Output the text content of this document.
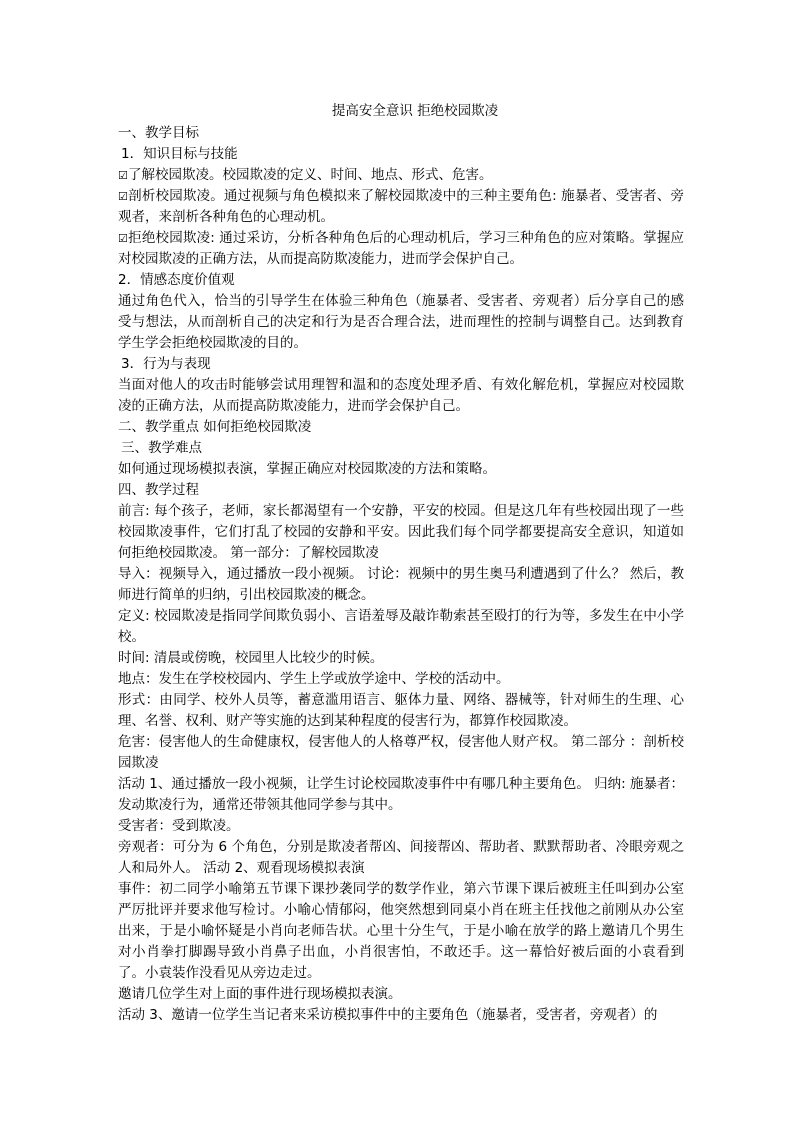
提高安全意识 拒绝校园欺凌

一、教学目标

1．知识目标与技能

☑了解校园欺凌。校园欺凌的定义、时间、地点、形式、危害。

☑剖析校园欺凌。通过视频与角色模拟来了解校园欺凌中的三种主要角色: 施暴者、受害者、旁观者，来剖析各种角色的心理动机。

☑拒绝校园欺凌: 通过采访，分析各种角色后的心理动机后，学习三种角色的应对策略。掌握应对校园欺凌的正确方法，从而提高防欺凌能力，进而学会保护自己。

2．情感态度价值观

通过角色代入，恰当的引导学生在体验三种角色（施暴者、受害者、旁观者）后分享自己的感受与想法，从而剖析自己的决定和行为是否合理合法，进而理性的控制与调整自己。达到教育学生学会拒绝校园欺凌的目的。

3．行为与表现

当面对他人的攻击时能够尝试用理智和温和的态度处理矛盾、有效化解危机，掌握应对校园欺凌的正确方法，从而提高防欺凌能力，进而学会保护自己。

二、教学重点 如何拒绝校园欺凌

三、教学难点

如何通过现场模拟表演，掌握正确应对校园欺凌的方法和策略。

四、教学过程

前言: 每个孩子，老师，家长都渴望有一个安静，平安的校园。但是这几年有些校园出现了一些校园欺凌事件，它们打乱了校园的安静和平安。因此我们每个同学都要提高安全意识，知道如何拒绝校园欺凌。 第一部分：了解校园欺凌

导入：视频导入，通过播放一段小视频。 讨论：视频中的男生奥马利遭遇到了什么？ 然后，教师进行简单的归纳，引出校园欺凌的概念。

定义: 校园欺凌是指同学间欺负弱小、言语羞辱及敲诈勒索甚至殴打的行为等，多发生在中小学校。

时间: 清晨或傍晚，校园里人比较少的时候。

地点：发生在学校校园内、学生上学或放学途中、学校的活动中。

形式：由同学、校外人员等，蓄意滥用语言、躯体力量、网络、器械等，针对师生的生理、心理、名誉、权利、财产等实施的达到某种程度的侵害行为，都算作校园欺凌。

危害：侵害他人的生命健康权，侵害他人的人格尊严权，侵害他人财产权。 第二部分 ：剖析校园欺凌

活动 1、通过播放一段小视频，让学生讨论校园欺凌事件中有哪几种主要角色。 归纳: 施暴者：发动欺凌行为，通常还带领其他同学参与其中。

受害者：受到欺凌。

旁观者：可分为 6 个角色，分别是欺凌者帮凶、间接帮凶、帮助者、默默帮助者、冷眼旁观之人和局外人。 活动 2、观看现场模拟表演

事件：初二同学小喻第五节课下课抄袭同学的数学作业，第六节课下课后被班主任叫到办公室严厉批评并要求他写检讨。小喻心情郁闷，他突然想到同桌小肖在班主任找他之前刚从办公室出来，于是小喻怀疑是小肖向老师告状。心里十分生气，于是小喻在放学的路上邀请几个男生对小肖拳打脚踢导致小肖鼻子出血，小肖很害怕，不敢还手。这一幕恰好被后面的小袁看到了。小袁装作没看见从旁边走过。

邀请几位学生对上面的事件进行现场模拟表演。

活动 3、邀请一位学生当记者来采访模拟事件中的主要角色（施暴者，受害者，旁观者）的
